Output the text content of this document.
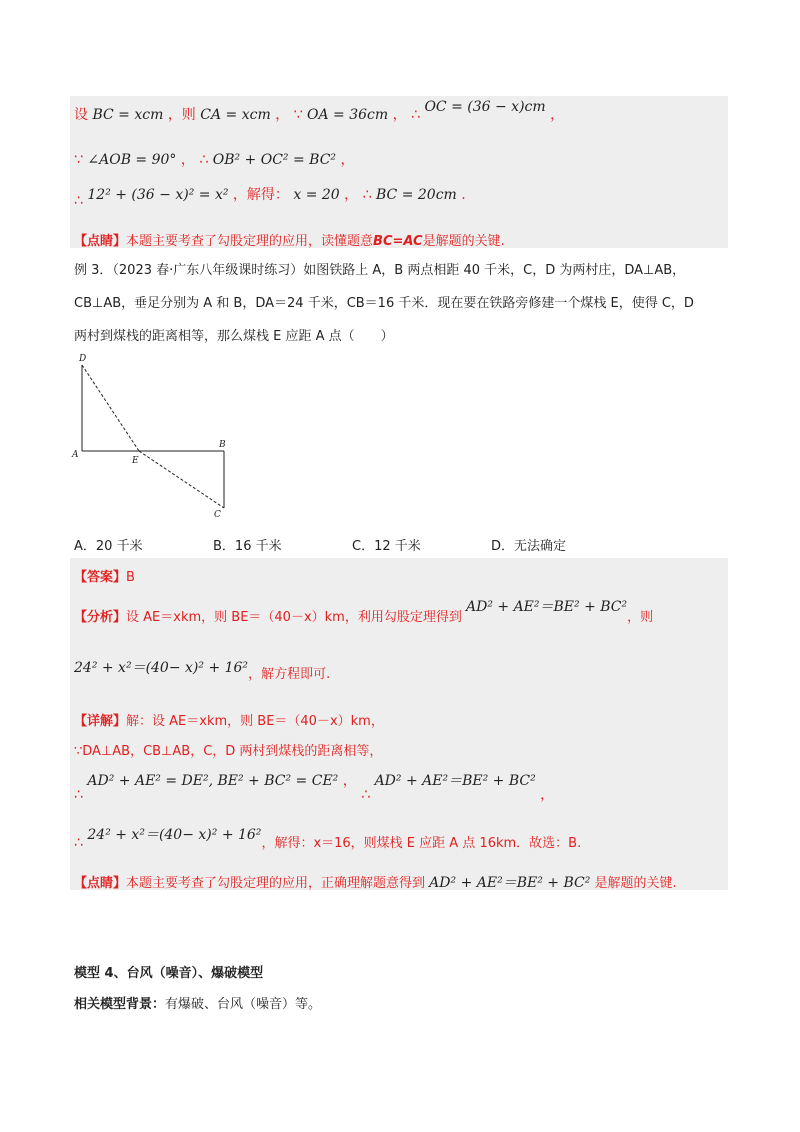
设 BC = xcm ，则 CA = xcm ， ∵ OA = 36cm ， ∴ OC = (36 − x)cm ，
∵ ∠AOB = 90° ， ∴ OB² + OC² = BC² ，
∴ 12² + (36 − x)² = x² ，解得： x = 20 ， ∴ BC = 20cm .
【点睛】本题主要考查了勾股定理的应用，读懂题意BC=AC是解题的关键.
例 3．（2023 春·广东八年级课时练习）如图铁路上 A，B 两点相距 40 千米，C，D 为两村庄，DA⊥AB，
CB⊥AB，垂足分别为 A 和 B，DA＝24 千米，CB＝16 千米．现在要在铁路旁修建一个煤栈 E，使得 C，D
两村到煤栈的距离相等，那么煤栈 E 应距 A 点（　　）
D
A
E
B
C
A．20 千米	B．16 千米	C．12 千米	D．无法确定
【答案】B
【分析】设 AE＝xkm，则 BE＝（40－x）km，利用勾股定理得到 AD² + AE²＝BE² + BC²，则
24² + x²＝(40− x)² + 16²，解方程即可.
【详解】解：设 AE＝xkm，则 BE＝（40－x）km，
∵DA⊥AB，CB⊥AB，C，D 两村到煤栈的距离相等，
∴ AD² + AE² = DE², BE² + BC² = CE² ， ∴ AD² + AE²＝BE² + BC² ，
∴ 24² + x²＝(40− x)² + 16²，解得：x＝16，则煤栈 E 应距 A 点 16km．故选：B.
【点睛】本题主要考查了勾股定理的应用，正确理解题意得到 AD² + AE²＝BE² + BC² 是解题的关键.
模型 4、台风（噪音）、爆破模型
相关模型背景：有爆破、台风（噪音）等。
